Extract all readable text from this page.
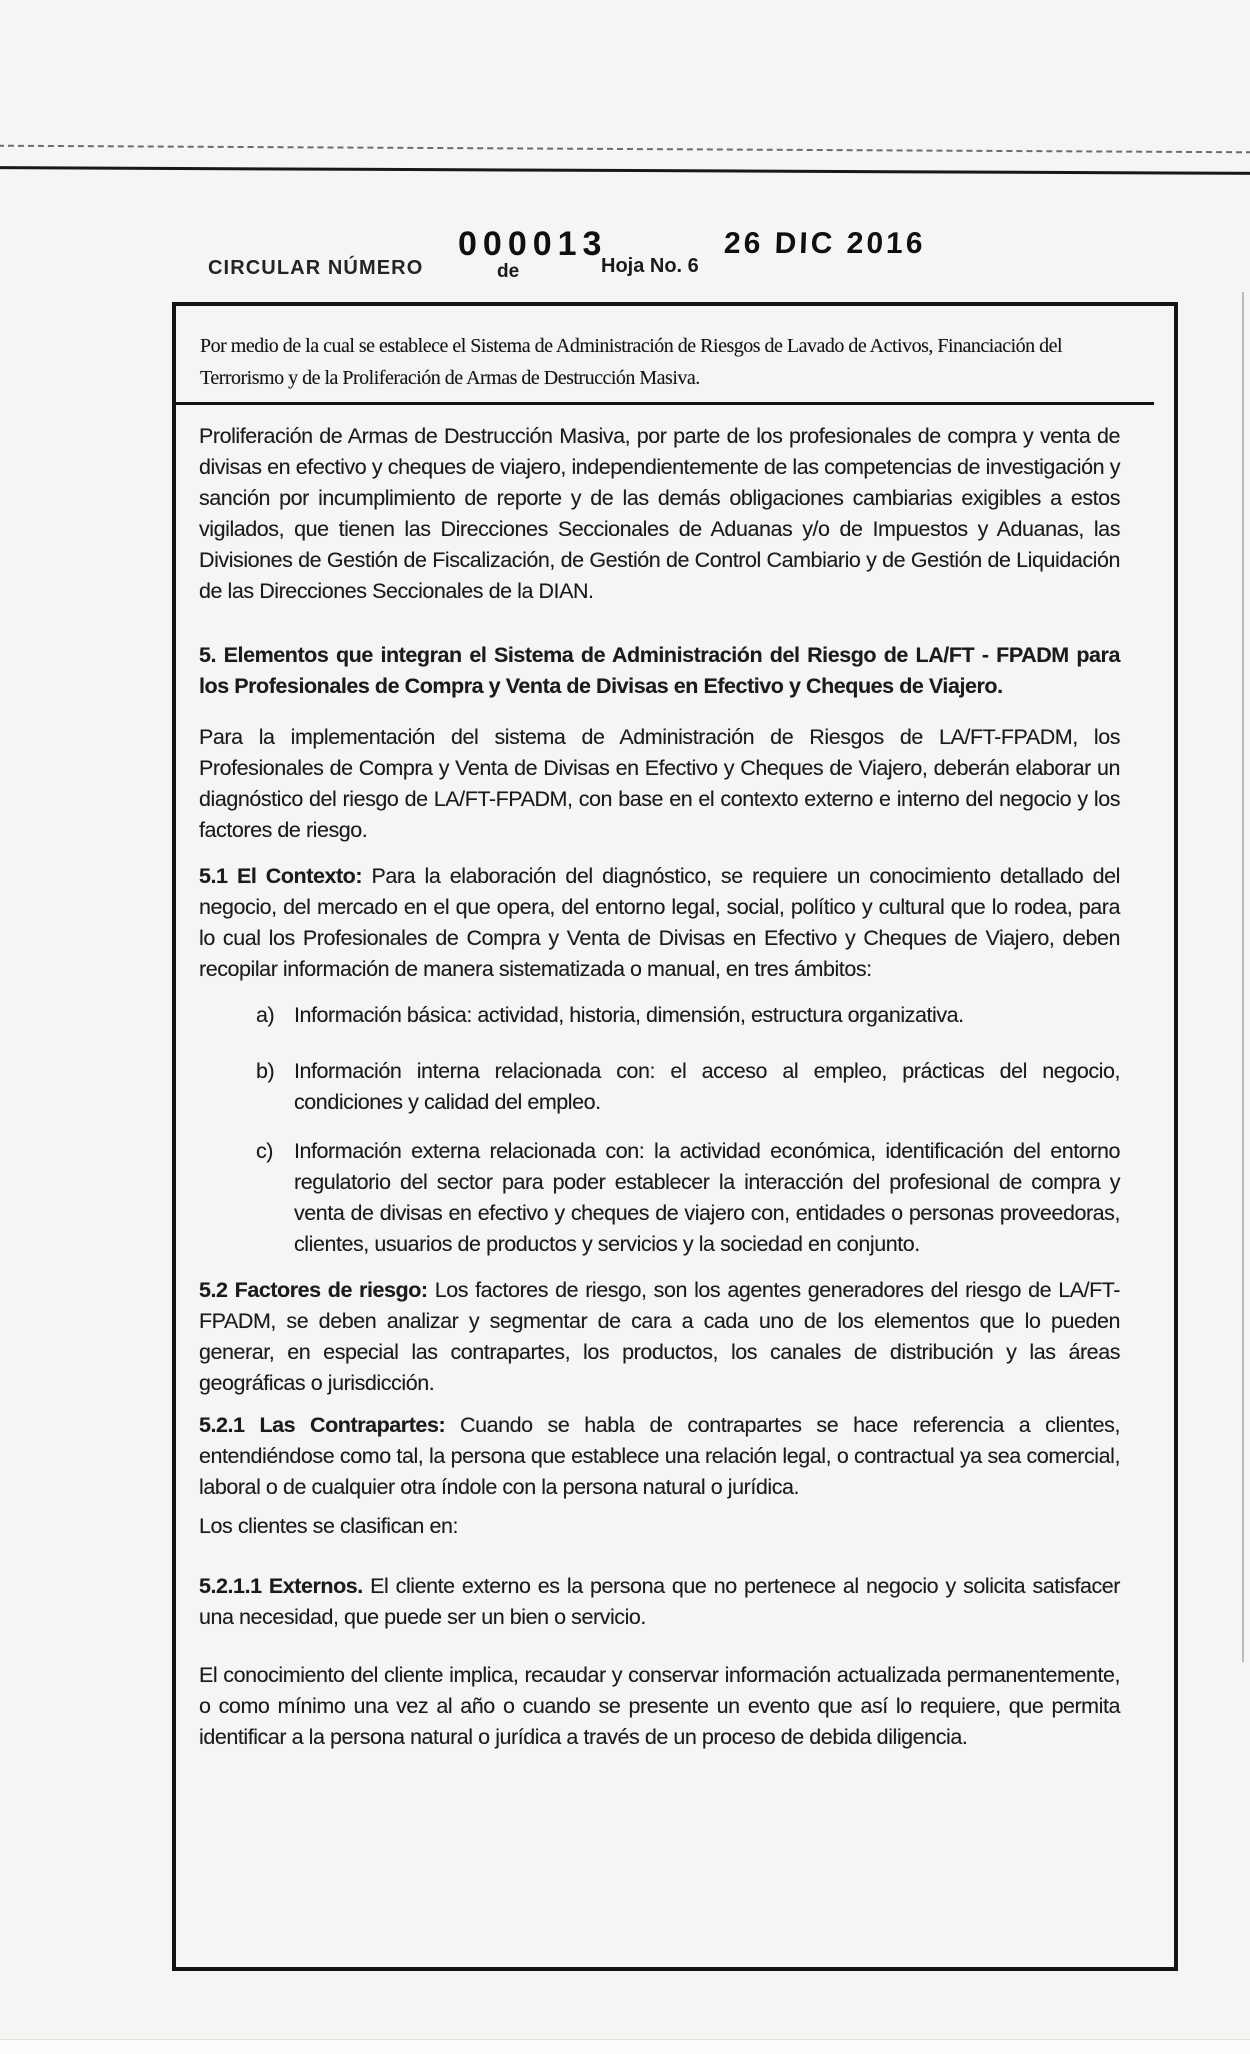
CIRCULAR NÚMERO
000013
de	Hoja No. 6
26 DIC 2016
Por medio de la cual se establece el Sistema de Administración de Riesgos de Lavado de Activos, Financiación del Terrorismo y de la Proliferación de Armas de Destrucción Masiva.

Proliferación de Armas de Destrucción Masiva, por parte de los profesionales de compra y venta de divisas en efectivo y cheques de viajero, independientemente de las competencias de investigación y sanción por incumplimiento de reporte y de las demás obligaciones cambiarias exigibles a estos vigilados, que tienen las Direcciones Seccionales de Aduanas y/o de Impuestos y Aduanas, las Divisiones de Gestión de Fiscalización, de Gestión de Control Cambiario y de Gestión de Liquidación de las Direcciones Seccionales de la DIAN.

5. Elementos que integran el Sistema de Administración del Riesgo de LA/FT - FPADM para los Profesionales de Compra y Venta de Divisas en Efectivo y Cheques de Viajero.

Para la implementación del sistema de Administración de Riesgos de LA/FT-FPADM, los Profesionales de Compra y Venta de Divisas en Efectivo y Cheques de Viajero, deberán elaborar un diagnóstico del riesgo de LA/FT-FPADM, con base en el contexto externo e interno del negocio y los factores de riesgo.

5.1 El Contexto: Para la elaboración del diagnóstico, se requiere un conocimiento detallado del negocio, del mercado en el que opera, del entorno legal, social, político y cultural que lo rodea, para lo cual los Profesionales de Compra y Venta de Divisas en Efectivo y Cheques de Viajero, deben recopilar información de manera sistematizada o manual, en tres ámbitos:

a) Información básica: actividad, historia, dimensión, estructura organizativa.
b) Información interna relacionada con: el acceso al empleo, prácticas del negocio, condiciones y calidad del empleo.
c) Información externa relacionada con: la actividad económica, identificación del entorno regulatorio del sector para poder establecer la interacción del profesional de compra y venta de divisas en efectivo y cheques de viajero con, entidades o personas proveedoras, clientes, usuarios de productos y servicios y la sociedad en conjunto.

5.2 Factores de riesgo: Los factores de riesgo, son los agentes generadores del riesgo de LA/FT-FPADM, se deben analizar y segmentar de cara a cada uno de los elementos que lo pueden generar, en especial las contrapartes, los productos, los canales de distribución y las áreas geográficas o jurisdicción.

5.2.1 Las Contrapartes: Cuando se habla de contrapartes se hace referencia a clientes, entendiéndose como tal, la persona que establece una relación legal, o contractual ya sea comercial, laboral o de cualquier otra índole con la persona natural o jurídica.

Los clientes se clasifican en:

5.2.1.1 Externos. El cliente externo es la persona que no pertenece al negocio y solicita satisfacer una necesidad, que puede ser un bien o servicio.

El conocimiento del cliente implica, recaudar y conservar información actualizada permanentemente, o como mínimo una vez al año o cuando se presente un evento que así lo requiere, que permita identificar a la persona natural o jurídica a través de un proceso de debida diligencia.
